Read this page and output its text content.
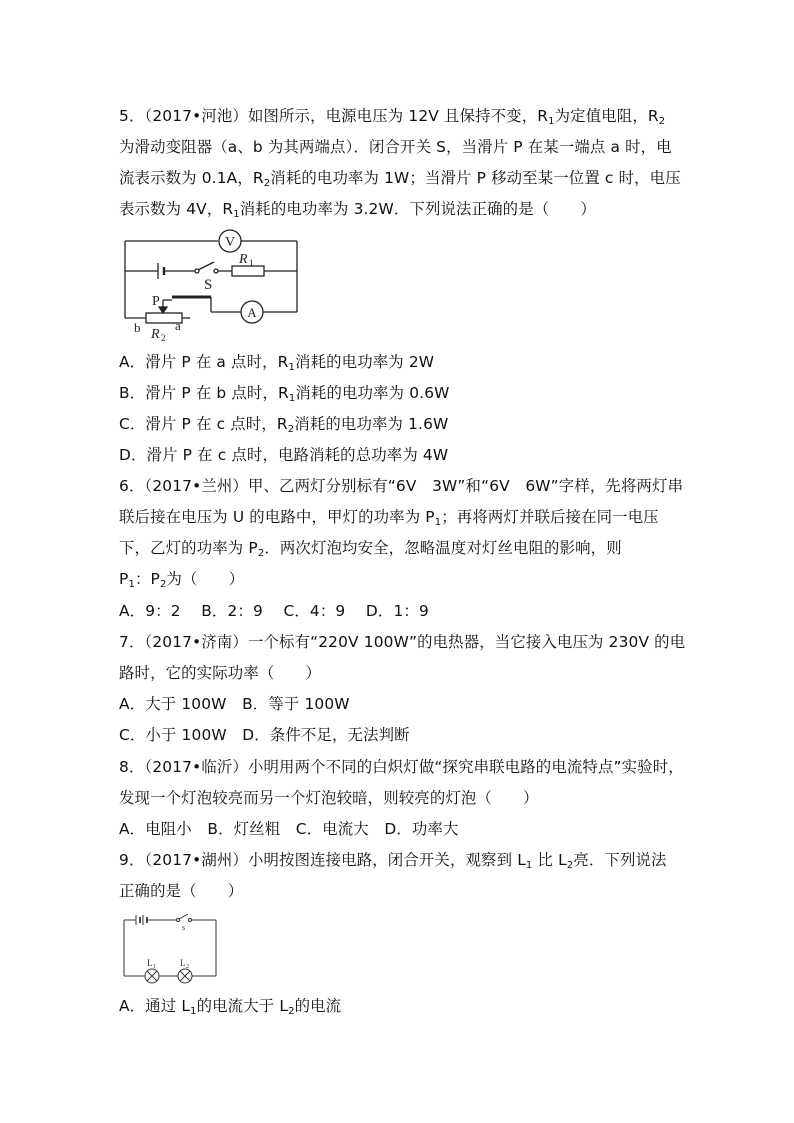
5．（2017•河池）如图所示，电源电压为 12V 且保持不变，$R_1$为定值电阻，$R_2$
为滑动变阻器（a、b 为其两端点）．闭合开关 S，当滑片 P 在某一端点 a 时，电
流表示数为 0.1A，$R_2$消耗的电功率为 1W；当滑片 P 移动至某一位置 c 时，电压
表示数为 4V，$R_1$消耗的电功率为 3.2W．下列说法正确的是（　　）
V
A
S
R 1
P
b	a
R 2
A．滑片 P 在 a 点时，$R_1$消耗的电功率为 2W
B．滑片 P 在 b 点时，$R_1$消耗的电功率为 0.6W
C．滑片 P 在 c 点时，$R_2$消耗的电功率为 1.6W
D．滑片 P 在 c 点时，电路消耗的总功率为 4W
6．（2017•兰州）甲、乙两灯分别标有“6V　3W”和“6V　6W”字样，先将两灯串
联后接在电压为 U 的电路中，甲灯的功率为 $P_1$；再将两灯并联后接在同一电压
下，乙灯的功率为 $P_2$．两次灯泡均安全，忽略温度对灯丝电阻的影响，则
$P_1$：$P_2$为（　　）
A．9：2　 B．2：9　 C．4：9　 D．1：9
7．（2017•济南）一个标有“220V 100W”的电热器，当它接入电压为 230V 的电
路时，它的实际功率（　　）
A．大于 100W　B．等于 100W
C．小于 100W　D．条件不足，无法判断
8．（2017•临沂）小明用两个不同的白炽灯做“探究串联电路的电流特点”实验时，
发现一个灯泡较亮而另一个灯泡较暗，则较亮的灯泡（　　）
A．电阻小　B．灯丝粗　C．电流大　D．功率大
9．（2017•湖州）小明按图连接电路，闭合开关，观察到 $L_1$ 比 $L_2$亮．下列说法
正确的是（　　）
s
L 1	L 2
A．通过 $L_1$的电流大于 $L_2$的电流
